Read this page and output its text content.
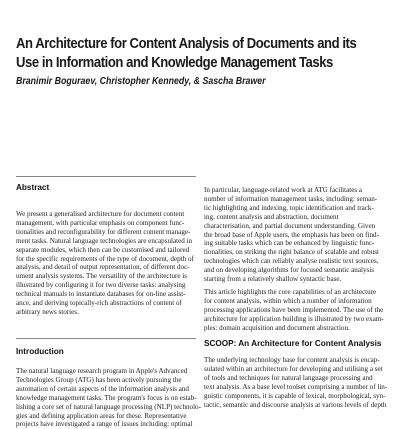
An Architecture for Content Analysis of Documents and its
Use in Information and Knowledge Management Tasks

Branimir Boguraev, Christopher Kennedy, & Sascha Brawer

Abstract
We present a generalised architecture for document content
management, with particular emphasis on component func-
tionalities and reconfigurability for different content manage-
ment tasks. Natural language technologies are encapsulated in
separate modules, which then can be customised and tailored
for the specific requirements of the type of document, depth of
analysis, and detail of output representation, of different doc-
ument analysis systems. The versatility of the architecture is
illustrated by configuring it for two diverse tasks: analysing
technical manuals to instantiate databases for on-line assist-
ance, and deriving topically-rich abstractions of content of
arbitrary news stories.
Introduction
The natural language research program in Apple's Advanced
Technologies Group (ATG) has been actively pursuing the
automation of certain aspects of the information analysis and
knowledge management tasks. The program's focus is on estab-
lishing a core set of natural language processing (NLP) technolo-
gies and defining application areas for these. Representative
projects have investigated a range of issues including: optimal
In particular, language-related work at ATG facilitates a
number of information management tasks, including: seman-
tic highlighting and indexing, topic identification and track-
ing, content analysis and abstraction, document
characterisation, and partial document understanding. Given
the broad base of Apple users, the emphasis has been on find-
ing suitable tasks which can be enhanced by linguistic func-
tionalities, on striking the right balance of scalable and robust
technologies which can reliably analyse realistic text sources,
and on developing algorithms for focused semantic analysis
starting from a relatively shallow syntactic base.
This article highlights the core capabilities of an architecture
for content analysis, within which a number of information
processing applications have been implemented. The use of the
architecture for application building is illustrated by two exam-
ples: domain acquisition and document abstraction.
SCOOP: An Architecture for Content Analysis
The underlying technology base for content analysis is encap-
sulated within an architecture for developing and utilising a set
of tools and techniques for natural language processing and
text analysis. As a base level toolset comprising a number of lin-
guistic components, it is capable of lexical, morphological, syn-
tactic, semantic and discourse analysis at various levels of depth
